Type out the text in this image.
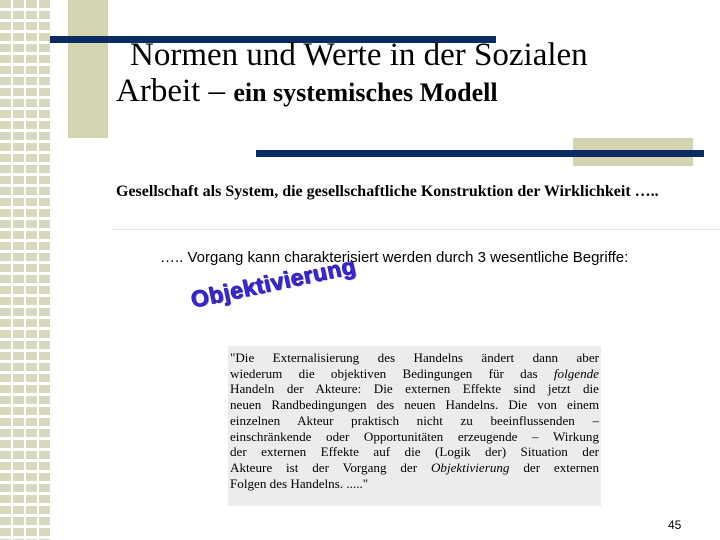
Normen und Werte in der Sozialen
Arbeit – ein systemisches Modell
Gesellschaft als System, die gesellschaftliche Konstruktion der Wirklichkeit …..
….. Vorgang kann charakterisiert werden durch 3 wesentliche Begriffe:
Objektivierung
"Die Externalisierung des Handelns ändert dann aber
wiederum die objektiven Bedingungen für das folgende
Handeln der Akteure: Die externen Effekte sind jetzt die
neuen Randbedingungen des neuen Handelns. Die von einem
einzelnen Akteur praktisch nicht zu beeinflussenden –
einschränkende oder Opportunitäten erzeugende – Wirkung
der externen Effekte auf die (Logik der) Situation der
Akteure ist der Vorgang der Objektivierung der externen
Folgen des Handelns. ....."
45
